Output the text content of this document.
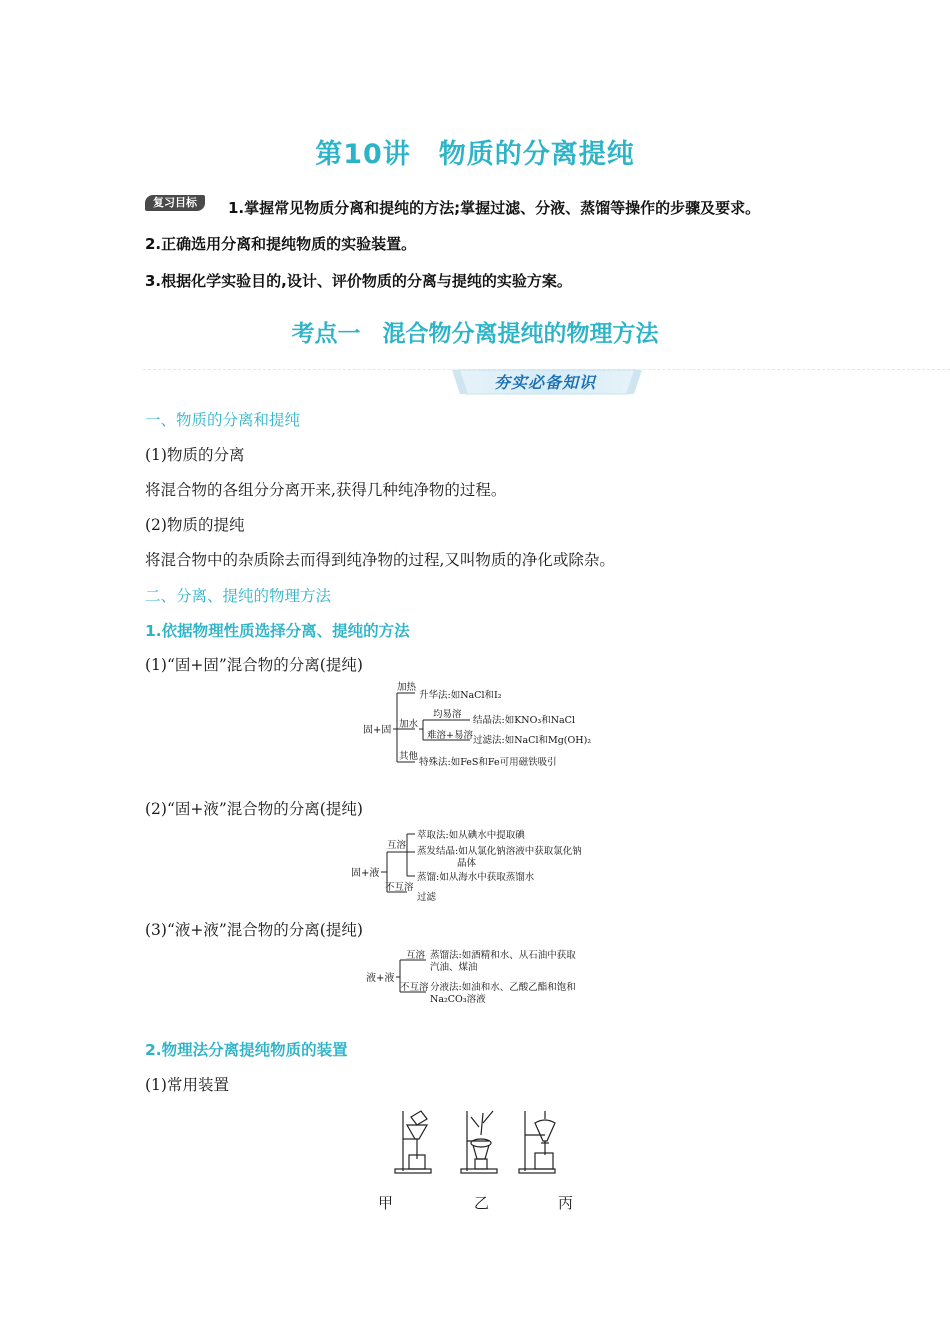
第10讲 物质的分离提纯
复习目标	1.掌握常见物质分离和提纯的方法;掌握过滤、分液、蒸馏等操作的步骤及要求。
2.正确选用分离和提纯物质的实验装置。
3.根据化学实验目的,设计、评价物质的分离与提纯的实验方案。
考点一 混合物分离提纯的物理方法
夯实必备知识
一、物质的分离和提纯
(1)物质的分离
将混合物的各组分分离开来,获得几种纯净物的过程。
(2)物质的提纯
将混合物中的杂质除去而得到纯净物的过程,又叫物质的净化或除杂。
二、分离、提纯的物理方法
1.依据物理性质选择分离、提纯的方法
(1)“固+固”混合物的分离(提纯)
固+固
加热
升华法:如NaCl和I₂
加水
均易溶
结晶法:如KNO₃和NaCl
难溶+易溶 过滤法:如NaCl和Mg(OH)₂
其他
特殊法:如FeS和Fe可用磁铁吸引
(2)“固+液”混合物的分离(提纯)
固+液
互溶
萃取法:如从碘水中提取碘
蒸发结晶:如从氯化钠溶液中获取氯化钠
晶体
蒸馏:如从海水中获取蒸馏水
不互溶
过滤
(3)“液+液”混合物的分离(提纯)
液+液
互溶 蒸馏法:如酒精和水、从石油中获取
汽油、煤油
不互溶 分液法:如油和水、乙酸乙酯和饱和
Na₂CO₃溶液
2.物理法分离提纯物质的装置
(1)常用装置
甲	乙	丙
